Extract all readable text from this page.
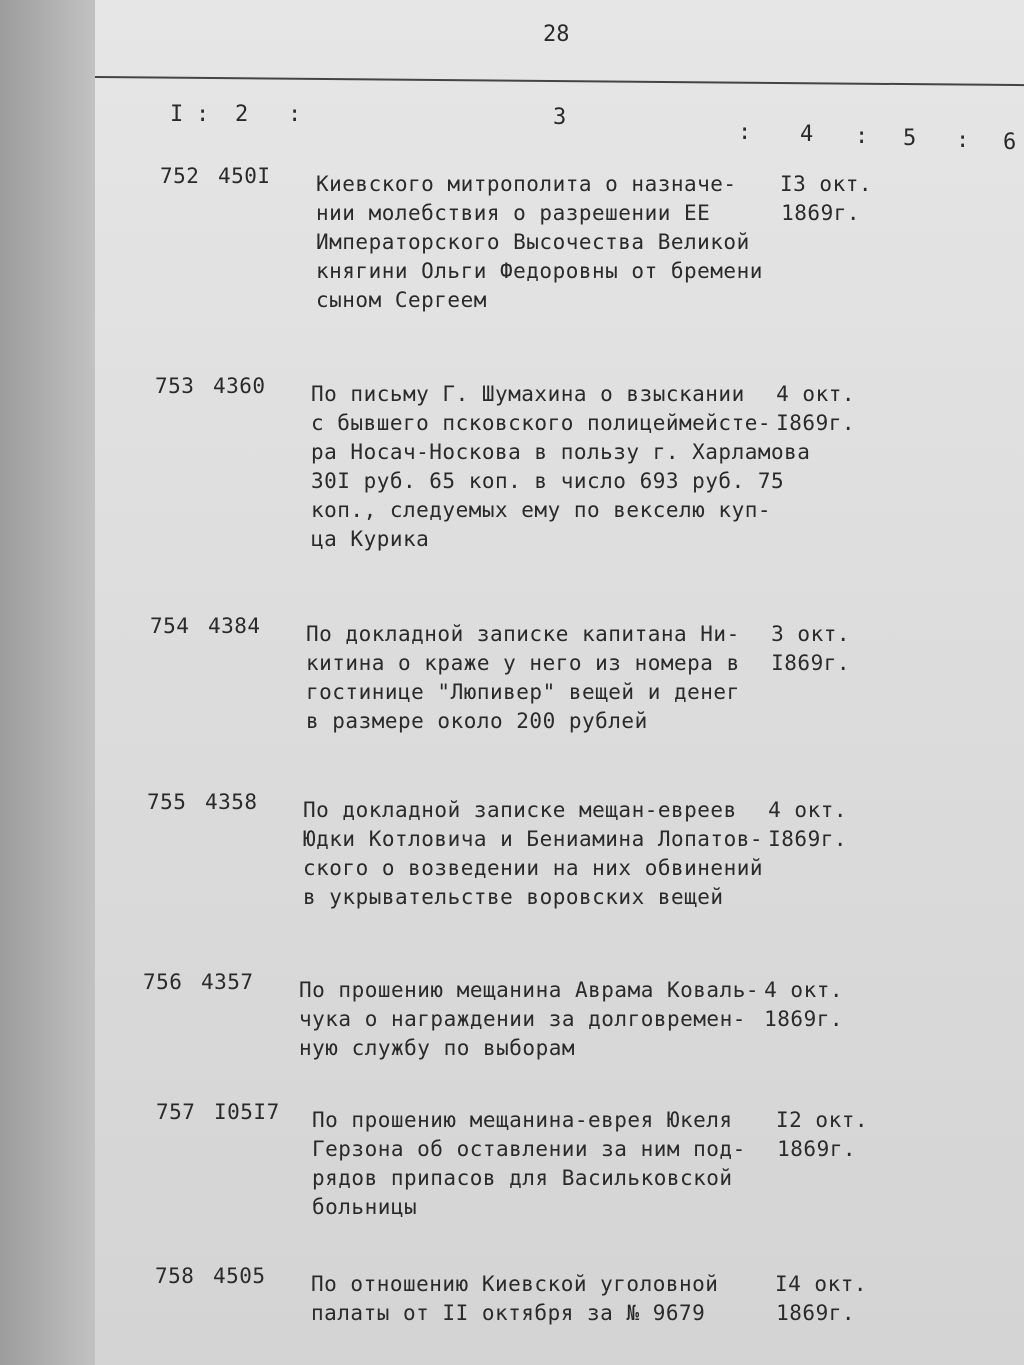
28
I : 2 :	3
: 4 : 5 : 6
752 450I Киевского митрополита о назначе-
нии молебствия о разрешении ЕЕ
Императорского Высочества Великой
княгини Ольги Федоровны от бремени
сыном Сергеем
I3 окт.
1869г.
753 4360 По письму Г. Шумахина о взыскании
с бывшего псковского полицеймейсте-
ра Носач-Носкова в пользу г. Харламова
30I руб. 65 коп. в число 693 руб. 75
коп., следуемых ему по векселю куп-
ца Курика
4 окт.
I869г.
754 4384 По докладной записке капитана Ни-
китина о краже у него из номера в
гостинице "Люпивер" вещей и денег
в размере около 200 рублей
3 окт.
I869г.
755 4358 По докладной записке мещан-евреев
Юдки Котловича и Бениамина Лопатов-
ского о возведении на них обвинений
в укрывательстве воровских вещей
4 окт.
I869г.
756 4357 По прошению мещанина Аврама Коваль-
чука о награждении за долговремен-
ную службу по выборам
4 окт.
1869г.
757 I05I7 По прошению мещанина-еврея Юкеля
Герзона об оставлении за ним под-
рядов припасов для Васильковской
больницы
I2 окт.
1869г.
758 4505 По отношению Киевской уголовной
палаты от II октября за № 9679
I4 окт.
1869г.
